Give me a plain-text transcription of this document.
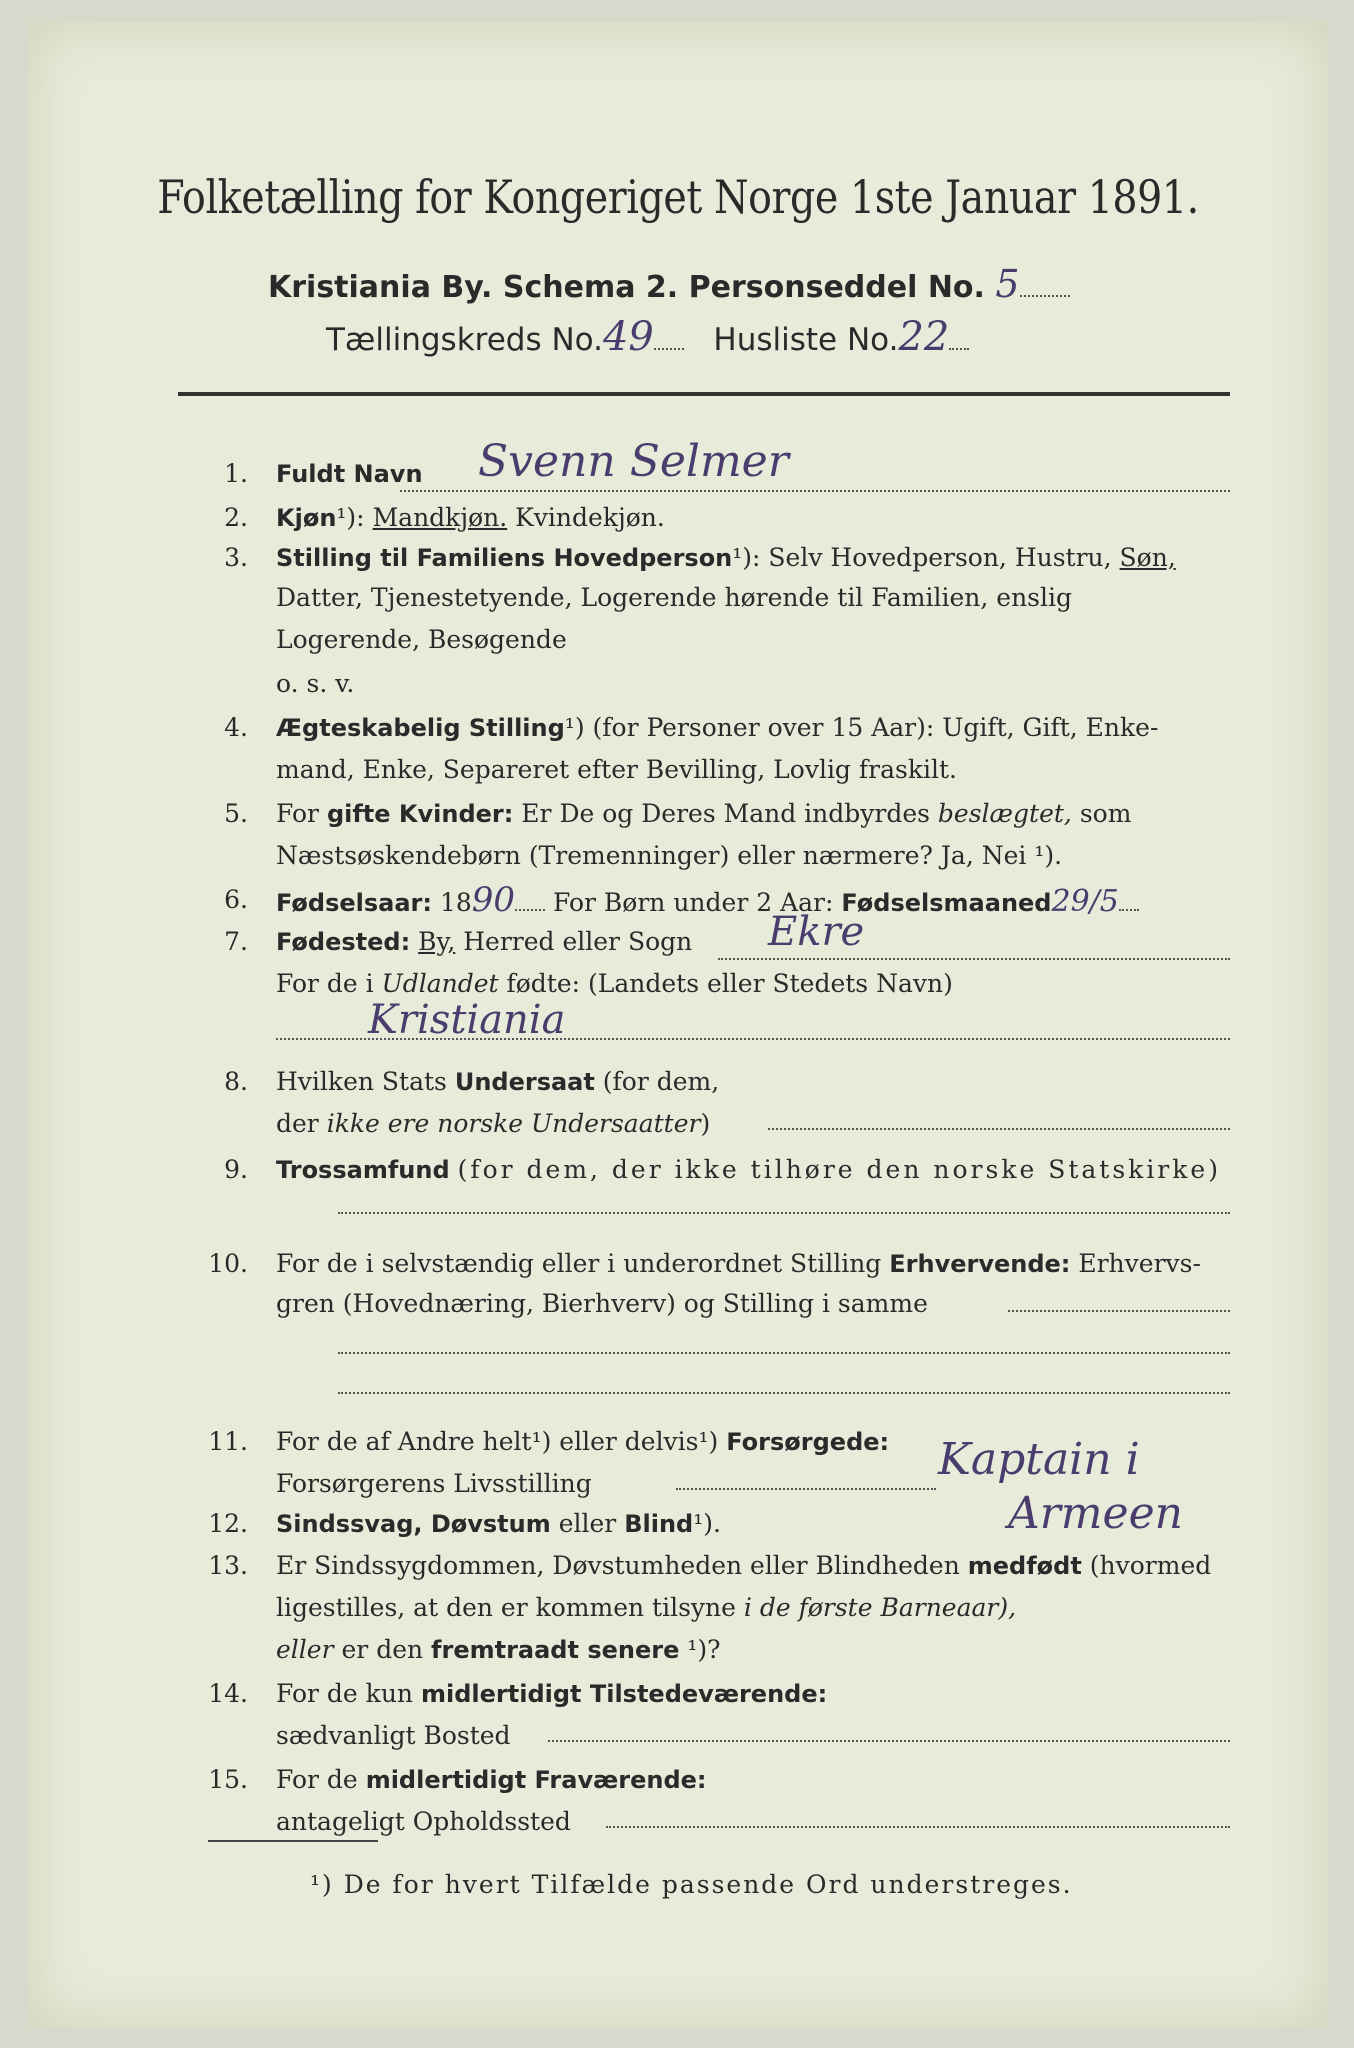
Folketælling for Kongeriget Norge 1ste Januar 1891.
Kristiania By. Schema 2. Personseddel No. 5
Tællingskreds No.49 Husliste No.22
1. Fuldt Navn Svenn Selmer
2. Kjøn¹): Mandkjøn. Kvindekjøn.
3. Stilling til Familiens Hovedperson¹): Selv Hovedperson, Hustru, Søn,
Datter, Tjenestetyende, Logerende hørende til Familien, enslig
Logerende, Besøgende
o. s. v.
4. Ægteskabelig Stilling¹) (for Personer over 15 Aar): Ugift, Gift, Enke-
mand, Enke, Separeret efter Bevilling, Lovlig fraskilt.
5. For gifte Kvinder: Er De og Deres Mand indbyrdes beslægtet, som
Næstsøskendebørn (Tremenninger) eller nærmere? Ja, Nei ¹).
6. Fødselsaar: 1890 For Børn under 2 Aar: Fødselsmaaned29/5
7. Fødested: By, Herred eller Sogn Ekre
For de i Udlandet fødte: (Landets eller Stedets Navn)
Kristiania
8. Hvilken Stats Undersaat (for dem,
der ikke ere norske Undersaatter)
9. Trossamfund (for dem, der ikke tilhøre den norske Statskirke)
10. For de i selvstændig eller i underordnet Stilling Erhvervende: Erhvervs-
gren (Hovednæring, Bierhverv) og Stilling i samme
11. For de af Andre helt¹) eller delvis¹) Forsørgede:
Forsørgerens Livsstilling	Kaptain i
Armeen
12. Sindssvag, Døvstum eller Blind¹).
13. Er Sindssygdommen, Døvstumheden eller Blindheden medfødt (hvormed
ligestilles, at den er kommen tilsyne i de første Barneaar),
eller er den fremtraadt senere ¹)?
14. For de kun midlertidigt Tilstedeværende:
sædvanligt Bosted
15. For de midlertidigt Fraværende:
antageligt Opholdssted
¹) De for hvert Tilfælde passende Ord understreges.
